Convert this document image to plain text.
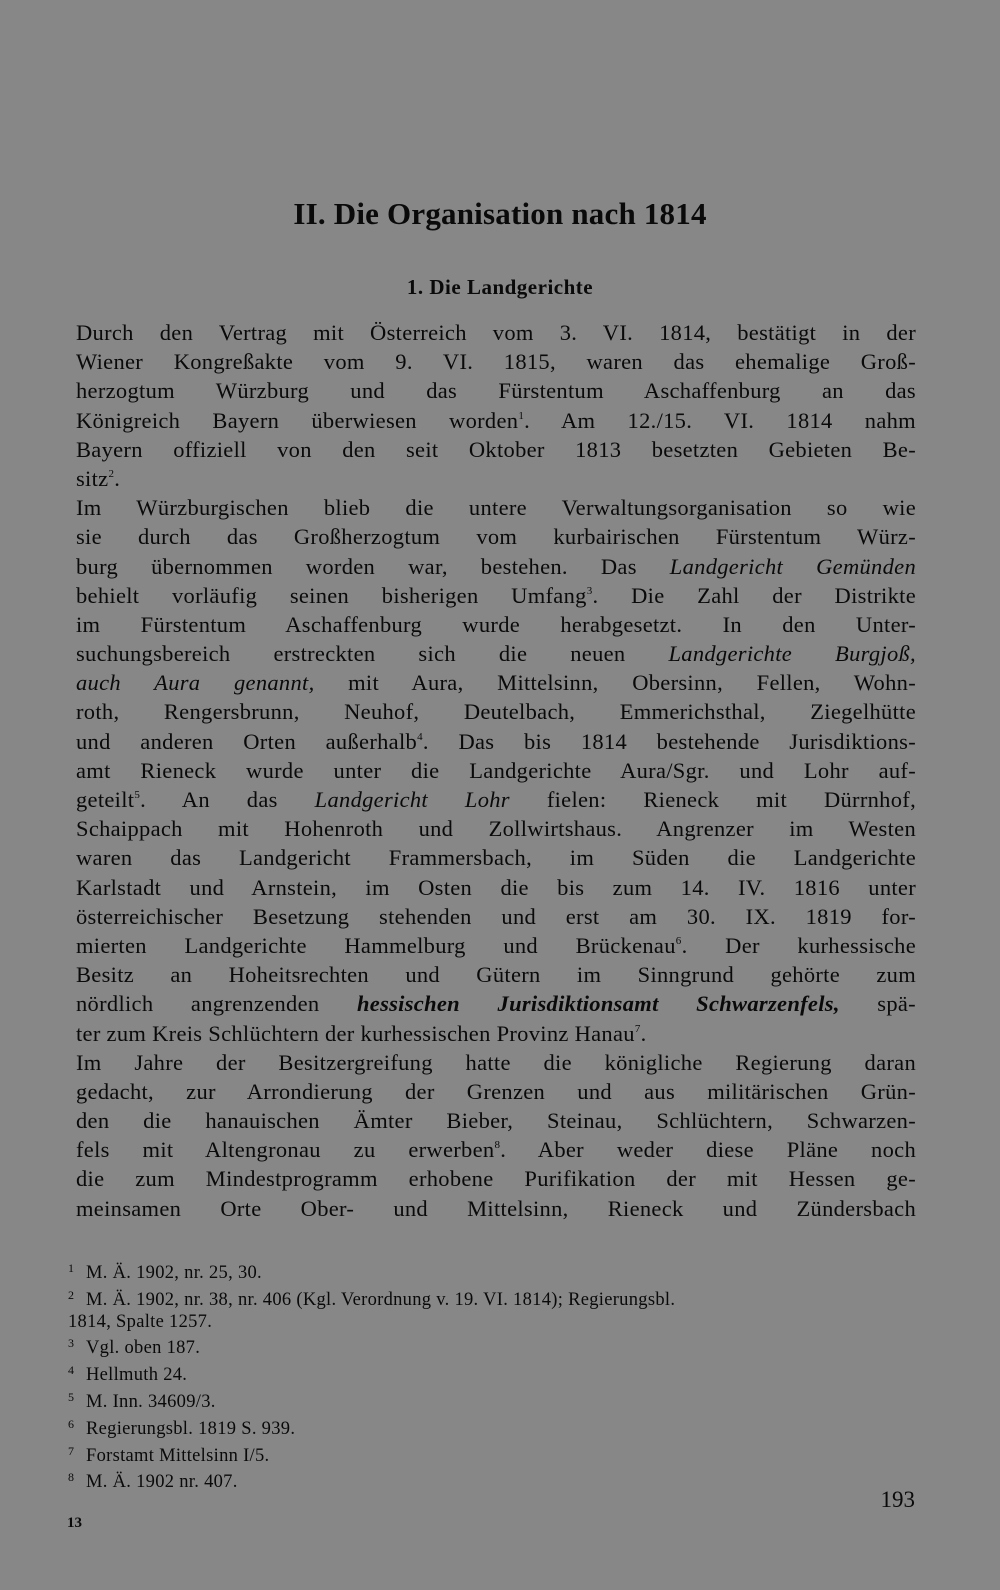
II. Die Organisation nach 1814
1. Die Landgerichte
Durch den Vertrag mit Österreich vom 3. VI. 1814, bestätigt in der
Wiener Kongreßakte vom 9. VI. 1815, waren das ehemalige Groß-
herzogtum Würzburg und das Fürstentum Aschaffenburg an das
Königreich Bayern überwiesen worden$^1$. Am 12./15. VI. 1814 nahm
Bayern offiziell von den seit Oktober 1813 besetzten Gebieten Be-
sitz$^2$.
Im Würzburgischen blieb die untere Verwaltungsorganisation so wie
sie durch das Großherzogtum vom kurbairischen Fürstentum Würz-
burg übernommen worden war, bestehen. Das Landgericht Gemünden
behielt vorläufig seinen bisherigen Umfang$^3$. Die Zahl der Distrikte
im Fürstentum Aschaffenburg wurde herabgesetzt. In den Unter-
suchungsbereich erstreckten sich die neuen Landgerichte Burgjoß,
auch Aura genannt, mit Aura, Mittelsinn, Obersinn, Fellen, Wohn-
roth, Rengersbrunn, Neuhof, Deutelbach, Emmerichsthal, Ziegelhütte
und anderen Orten außerhalb$^4$. Das bis 1814 bestehende Jurisdiktions-
amt Rieneck wurde unter die Landgerichte Aura/Sgr. und Lohr auf-
geteilt$^5$. An das Landgericht Lohr fielen: Rieneck mit Dürrnhof,
Schaippach mit Hohenroth und Zollwirtshaus. Angrenzer im Westen
waren das Landgericht Frammersbach, im Süden die Landgerichte
Karlstadt und Arnstein, im Osten die bis zum 14. IV. 1816 unter
österreichischer Besetzung stehenden und erst am 30. IX. 1819 for-
mierten Landgerichte Hammelburg und Brückenau$^6$. Der kurhessische
Besitz an Hoheitsrechten und Gütern im Sinngrund gehörte zum
nördlich angrenzenden hessischen Jurisdiktionsamt Schwarzenfels, spä-
ter zum Kreis Schlüchtern der kurhessischen Provinz Hanau$^7$.
Im Jahre der Besitzergreifung hatte die königliche Regierung daran
gedacht, zur Arrondierung der Grenzen und aus militärischen Grün-
den die hanauischen Ämter Bieber, Steinau, Schlüchtern, Schwarzen-
fels mit Altengronau zu erwerben$^8$. Aber weder diese Pläne noch
die zum Mindestprogramm erhobene Purifikation der mit Hessen ge-
meinsamen Orte Ober- und Mittelsinn, Rieneck und Zündersbach
1 M. Ä. 1902, nr. 25, 30.
2 M. Ä. 1902, nr. 38, nr. 406 (Kgl. Verordnung v. 19. VI. 1814); Regierungsbl.
1814, Spalte 1257.
3 Vgl. oben 187.
4 Hellmuth 24.
5 M. Inn. 34609/3.
6 Regierungsbl. 1819 S. 939.
7 Forstamt Mittelsinn I/5.
8 M. Ä. 1902 nr. 407.
193
13
